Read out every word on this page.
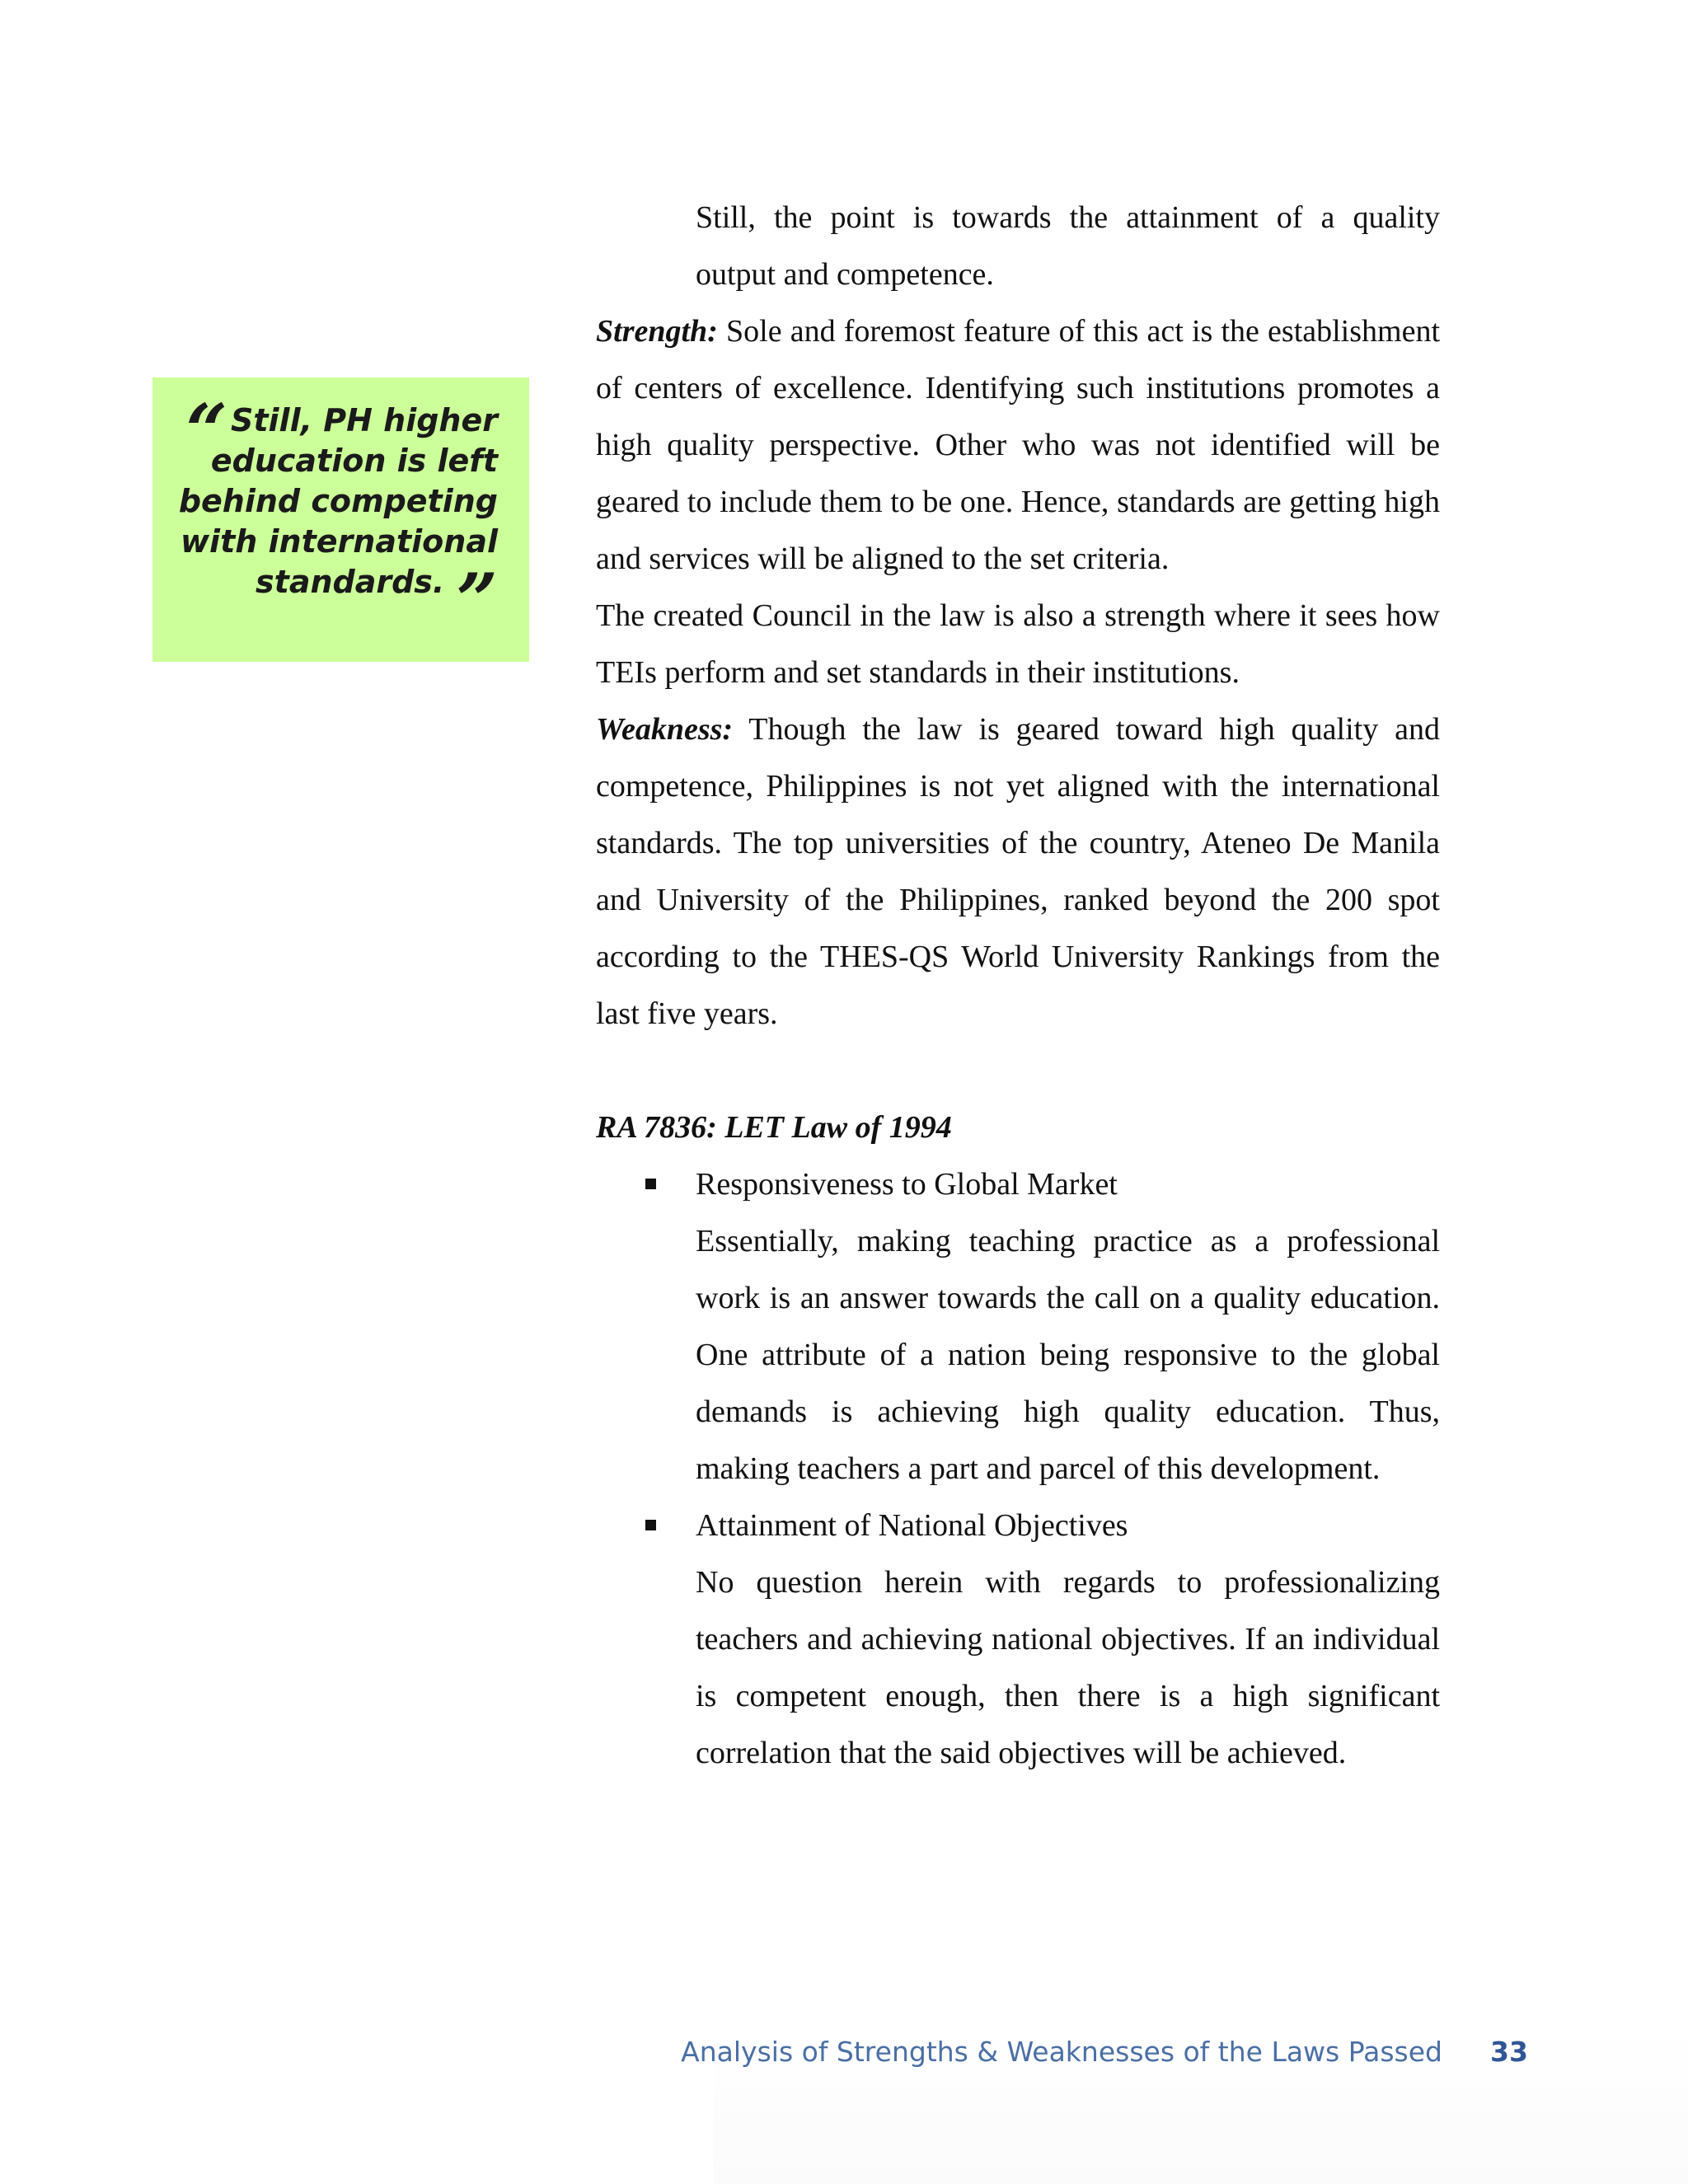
“ Still, PH higher
education is left
behind competing
with international
standards. ”

Still, the point is towards the attainment of a quality

output and competence.

Strength: Sole and foremost feature of this act is the establishment of centers of excellence. Identifying such institutions promotes a high quality perspective. Other who was not identified will be geared to include them to be one. Hence, standards are getting high and services will be aligned to the set criteria.

The created Council in the law is also a strength where it sees how TEIs perform and set standards in their institutions.

Weakness: Though the law is geared toward high quality and competence, Philippines is not yet aligned with the international standards. The top universities of the country, Ateneo De Manila and University of the Philippines, ranked beyond the 200 spot according to the THES-QS World University Rankings from the last five years.

RA 7836: LET Law of 1994

Responsiveness to Global Market

Essentially, making teaching practice as a professional work is an answer towards the call on a quality education. One attribute of a nation being responsive to the global demands is achieving high quality education. Thus, making teachers a part and parcel of this development.

Attainment of National Objectives

No question herein with regards to professionalizing teachers and achieving national objectives. If an individual is competent enough, then there is a high significant correlation that the said objectives will be achieved.

Analysis of Strengths & Weaknesses of the Laws Passed 33
